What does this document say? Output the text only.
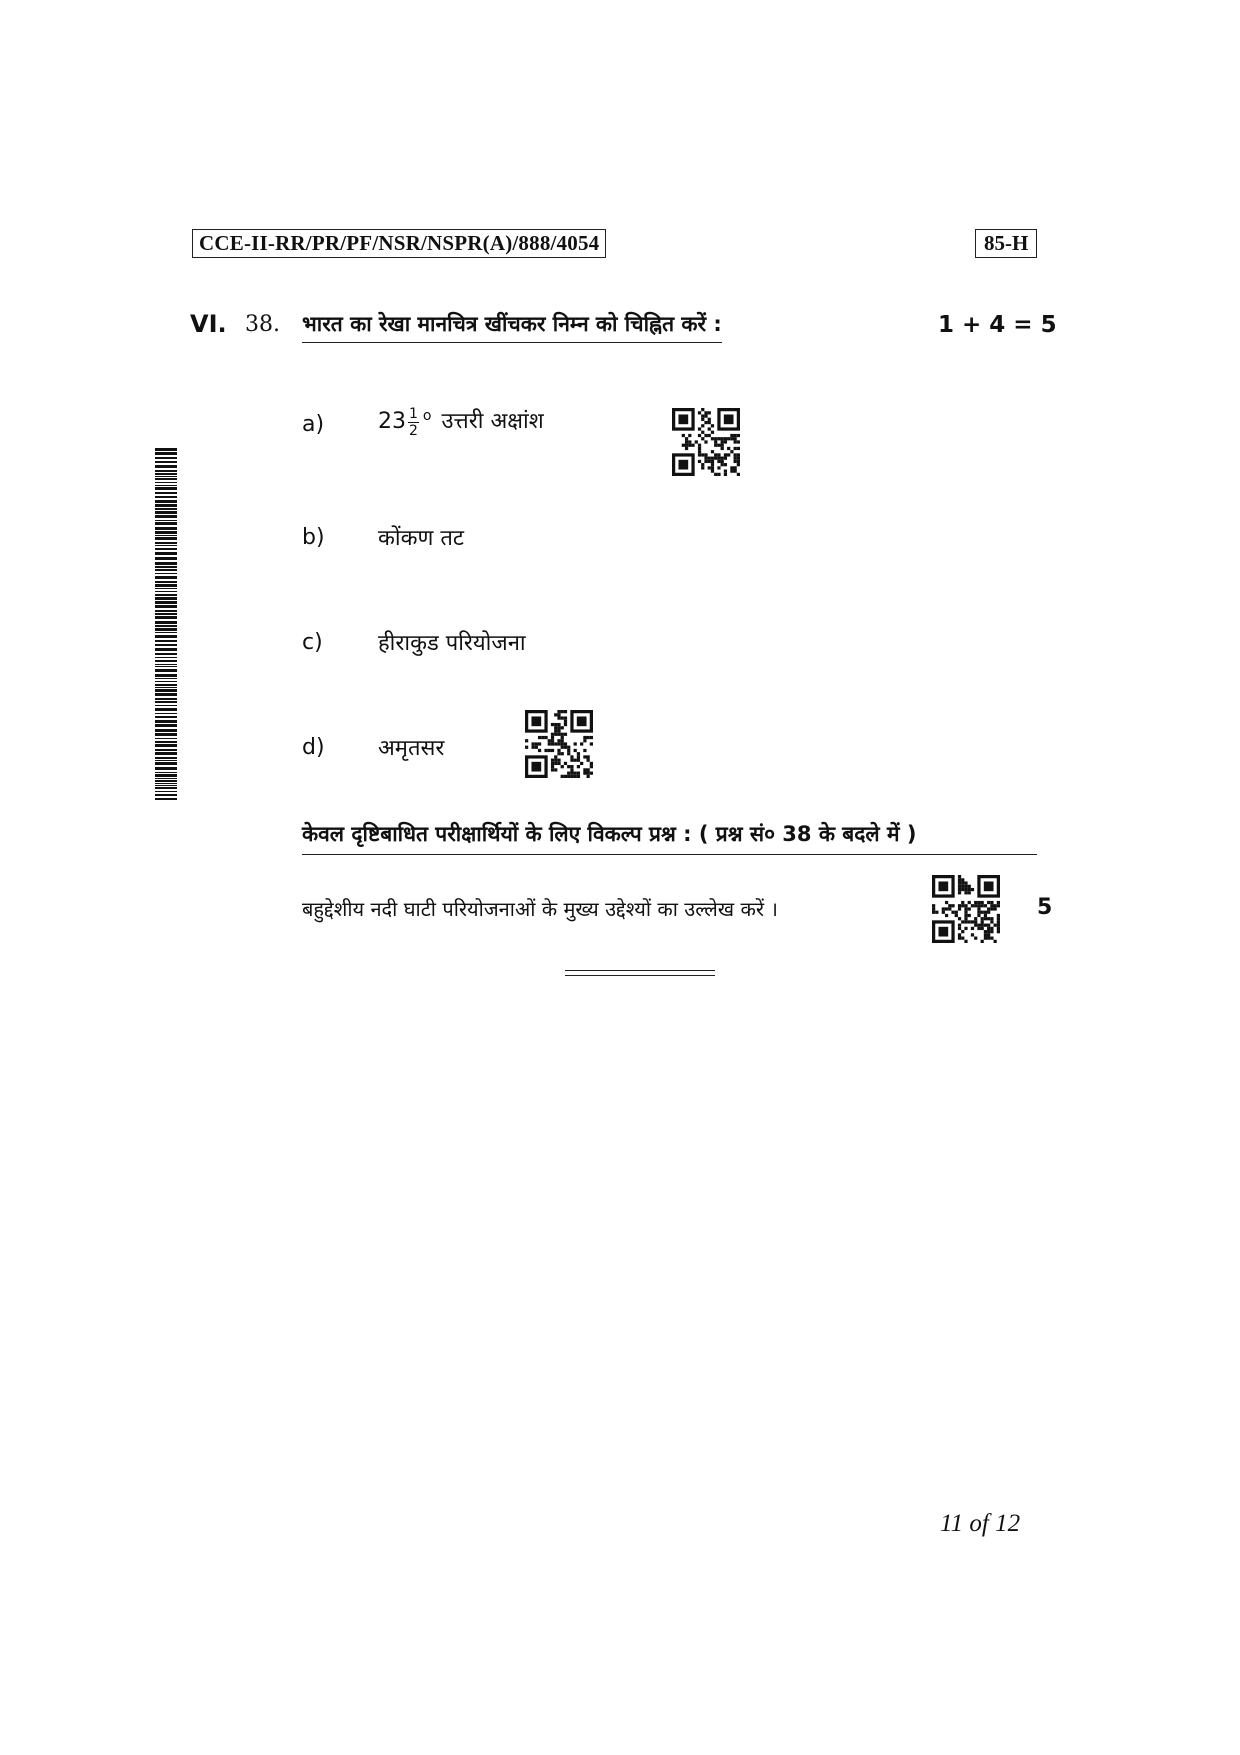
CCE-II-RR/PR/PF/NSR/NSPR(A)/888/4054	85-H
VI. 38. भारत का रेखा मानचित्र खींचकर निम्न को चिह्नित करें :	1 + 4 = 5
a) $23 \frac{1}{2} ^o$ उत्तरी अक्षांश
b) कोंकण तट
c)	हीराकुड परियोजना
d) अमृतसर
केवल दृष्टिबाधित परीक्षार्थियों के लिए विकल्प प्रश्न : ( प्रश्न सं० 38 के बदले में )
बहुद्देशीय नदी घाटी परियोजनाओं के मुख्य उद्देश्यों का उल्लेख करें ।	5
11 of 12
